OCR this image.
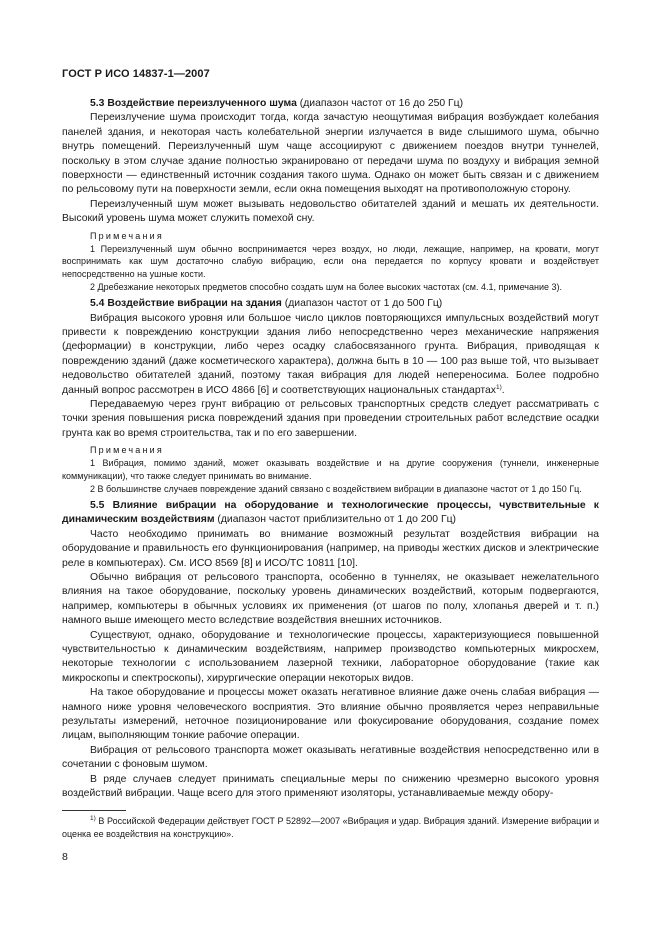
ГОСТ Р ИСО 14837-1—2007

5.3 Воздействие переизлученного шума (диапазон частот от 16 до 250 Гц)

Переизлучение шума происходит тогда, когда зачастую неощутимая вибрация возбуждает колебания панелей здания, и некоторая часть колебательной энергии излучается в виде слышимого шума, обычно внутрь помещений. Переизлученный шум чаще ассоциируют с движением поездов внутри туннелей, поскольку в этом случае здание полностью экранировано от передачи шума по воздуху и вибрация земной поверхности — единственный источник создания такого шума. Однако он может быть связан и с движением по рельсовому пути на поверхности земли, если окна помещения выходят на противоположную сторону.

Переизлученный шум может вызывать недовольство обитателей зданий и мешать их деятельности. Высокий уровень шума может служить помехой сну.

Примечания

1 Переизлученный шум обычно воспринимается через воздух, но люди, лежащие, например, на кровати, могут воспринимать как шум достаточно слабую вибрацию, если она передается по корпусу кровати и воздействует непосредственно на ушные кости.

2 Дребезжание некоторых предметов способно создать шум на более высоких частотах (см. 4.1, примечание 3).

5.4 Воздействие вибрации на здания (диапазон частот от 1 до 500 Гц)

Вибрация высокого уровня или большое число циклов повторяющихся импульсных воздействий могут привести к повреждению конструкции здания либо непосредственно через механические напряжения (деформации) в конструкции, либо через осадку слабосвязанного грунта. Вибрация, приводящая к повреждению зданий (даже косметического характера), должна быть в 10 — 100 раз выше той, что вызывает недовольство обитателей зданий, поэтому такая вибрация для людей непереносима. Более подробно данный вопрос рассмотрен в ИСО 4866 [6] и соответствующих национальных стандартах$^{1)}$.

Передаваемую через грунт вибрацию от рельсовых транспортных средств следует рассматривать с точки зрения повышения риска повреждений здания при проведении строительных работ вследствие осадки грунта как во время строительства, так и по его завершении.

Примечания

1 Вибрация, помимо зданий, может оказывать воздействие и на другие сооружения (туннели, инженерные коммуникации), что также следует принимать во внимание.

2 В большинстве случаев повреждение зданий связано с воздействием вибрации в диапазоне частот от 1 до 150 Гц.

5.5 Влияние вибрации на оборудование и технологические процессы, чувствительные к динамическим воздействиям (диапазон частот приблизительно от 1 до 200 Гц)

Часто необходимо принимать во внимание возможный результат воздействия вибрации на оборудование и правильность его функционирования (например, на приводы жестких дисков и электрические реле в компьютерах). См. ИСО 8569 [8] и ИСО/ТС 10811 [10].

Обычно вибрация от рельсового транспорта, особенно в туннелях, не оказывает нежелательного влияния на такое оборудование, поскольку уровень динамических воздействий, которым подвергаются, например, компьютеры в обычных условиях их применения (от шагов по полу, хлопанья дверей и т. п.) намного выше имеющего место вследствие воздействия внешних источников.

Существуют, однако, оборудование и технологические процессы, характеризующиеся повышенной чувствительностью к динамическим воздействиям, например производство компьютерных микросхем, некоторые технологии с использованием лазерной техники, лабораторное оборудование (такие как микроскопы и спектроскопы), хирургические операции некоторых видов.

На такое оборудование и процессы может оказать негативное влияние даже очень слабая вибрация — намного ниже уровня человеческого восприятия. Это влияние обычно проявляется через неправильные результаты измерений, неточное позиционирование или фокусирование оборудования, создание помех лицам, выполняющим тонкие рабочие операции.

Вибрация от рельсового транспорта может оказывать негативные воздействия непосредственно или в сочетании с фоновым шумом.

В ряде случаев следует принимать специальные меры по снижению чрезмерно высокого уровня воздействий вибрации. Чаще всего для этого применяют изоляторы, устанавливаемые между обору-

$^{1)}$ В Российской Федерации действует ГОСТ Р 52892—2007 «Вибрация и удар. Вибрация зданий. Измерение вибрации и оценка ее воздействия на конструкцию».

8
